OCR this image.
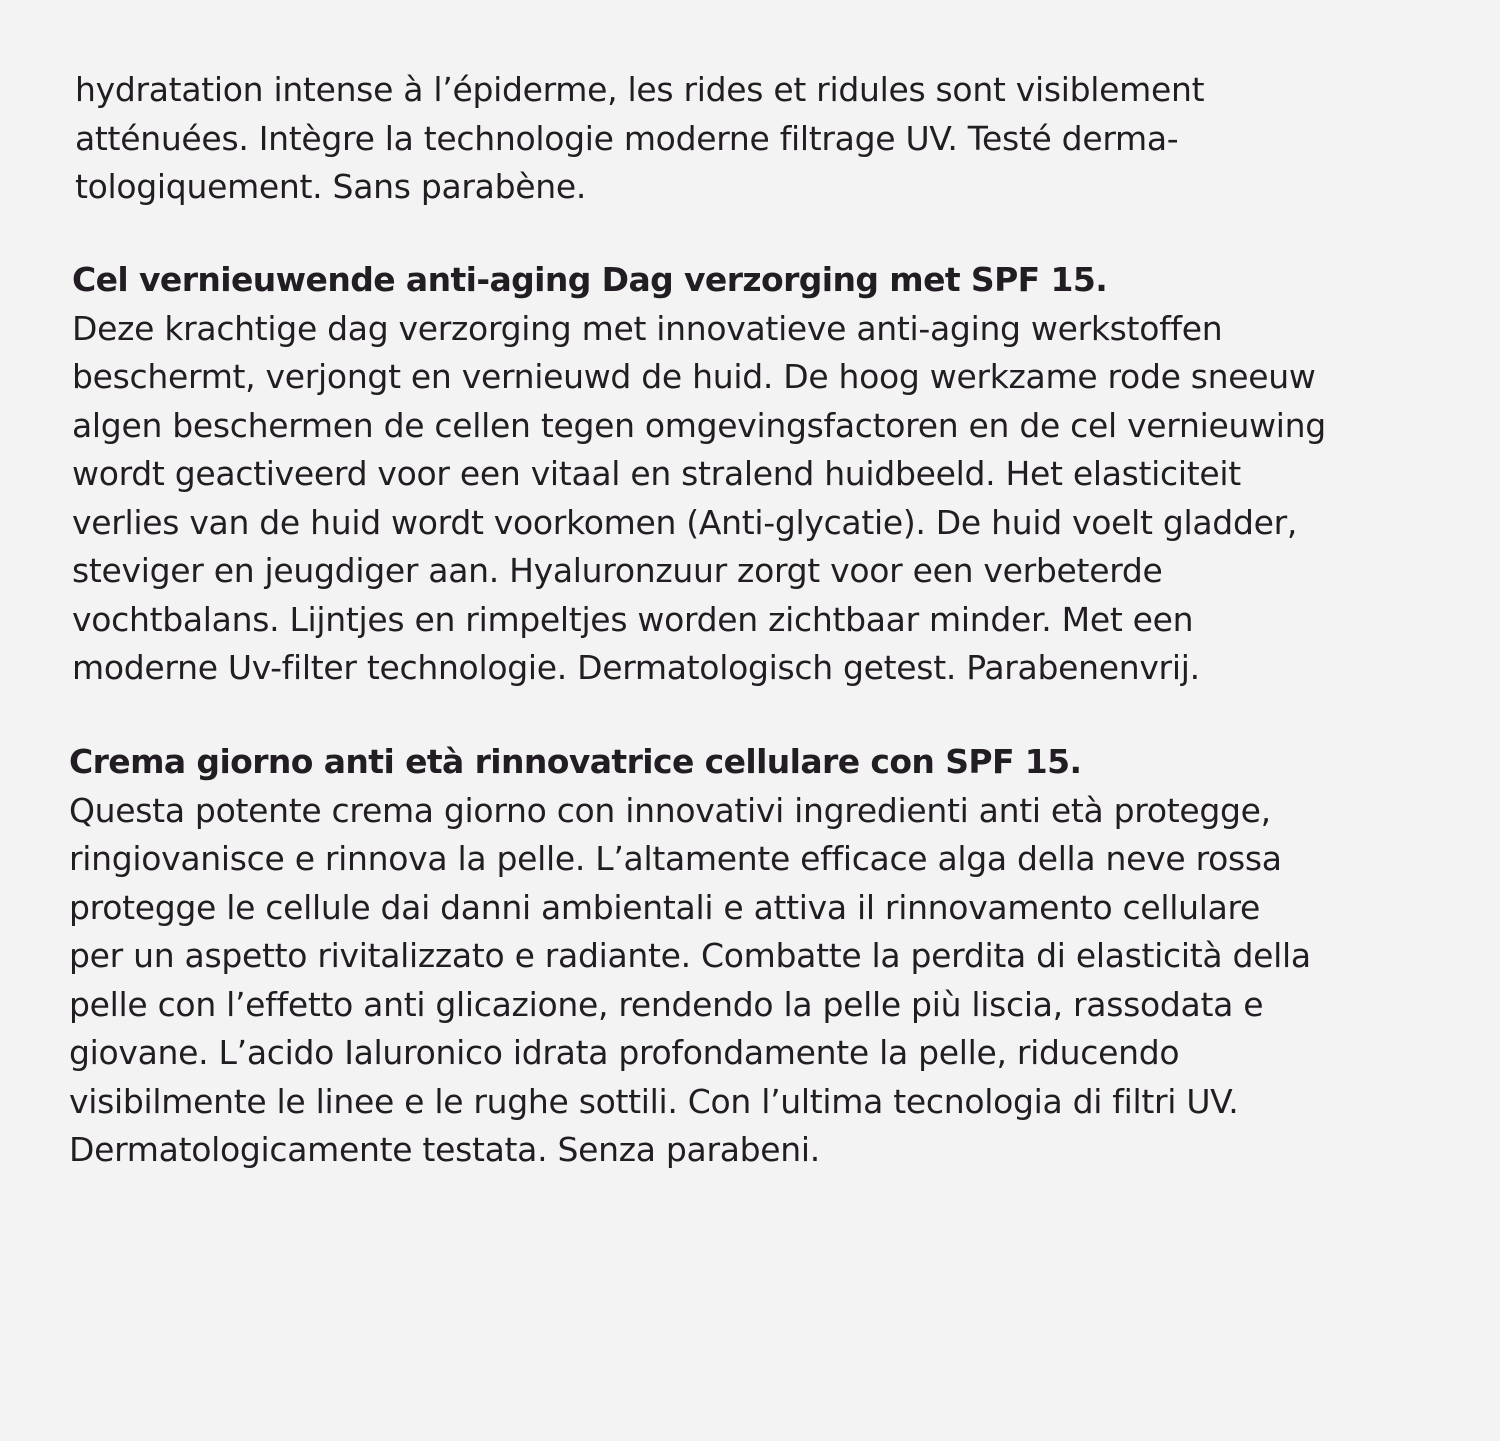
hydratation intense à l’épiderme, les rides et ridules sont visiblement
atténuées. Intègre la technologie moderne filtrage UV. Testé derma-
tologiquement. Sans parabène.
Cel vernieuwende anti-aging Dag verzorging met SPF 15.
Deze krachtige dag verzorging met innovatieve anti-aging werkstoffen
beschermt, verjongt en vernieuwd de huid. De hoog werkzame rode sneeuw
algen beschermen de cellen tegen omgevingsfactoren en de cel vernieuwing
wordt geactiveerd voor een vitaal en stralend huidbeeld. Het elasticiteit
verlies van de huid wordt voorkomen (Anti-glycatie). De huid voelt gladder,
steviger en jeugdiger aan. Hyaluronzuur zorgt voor een verbeterde
vochtbalans. Lijntjes en rimpeltjes worden zichtbaar minder. Met een
moderne Uv-filter technologie. Dermatologisch getest. Parabenenvrij.
Crema giorno anti età rinnovatrice cellulare con SPF 15.
Questa potente crema giorno con innovativi ingredienti anti età protegge,
ringiovanisce e rinnova la pelle. L’altamente efficace alga della neve rossa
protegge le cellule dai danni ambientali e attiva il rinnovamento cellulare
per un aspetto rivitalizzato e radiante. Combatte la perdita di elasticità della
pelle con l’effetto anti glicazione, rendendo la pelle più liscia, rassodata e
giovane. L’acido Ialuronico idrata profondamente la pelle, riducendo
visibilmente le linee e le rughe sottili. Con l’ultima tecnologia di filtri UV.
Dermatologicamente testata. Senza parabeni.
